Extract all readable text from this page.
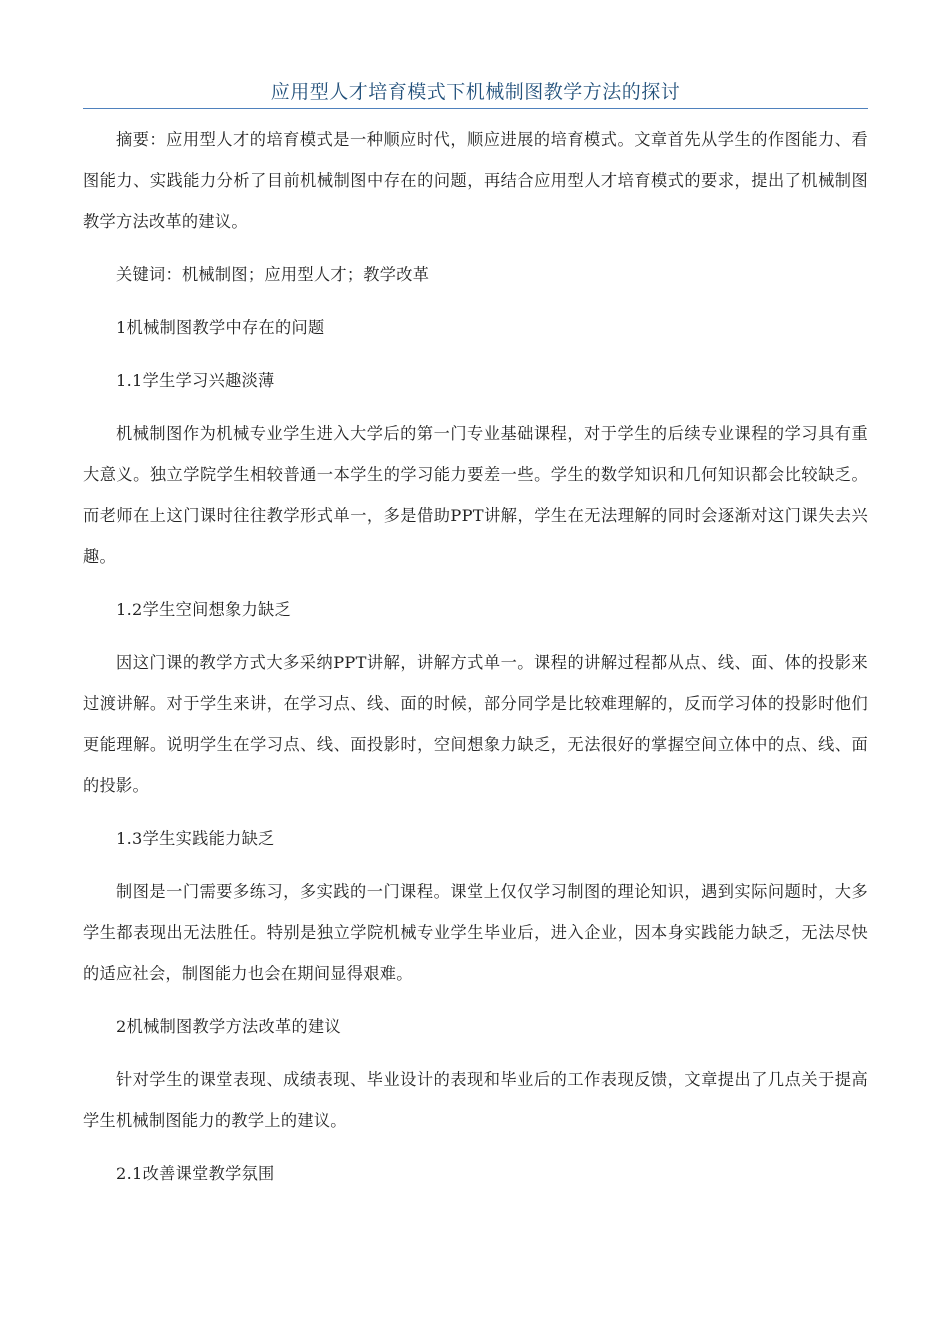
应用型人才培育模式下机械制图教学方法的探讨

摘要：应用型人才的培育模式是一种顺应时代，顺应进展的培育模式。文章首先从学生的作图能力、看图能力、实践能力分析了目前机械制图中存在的问题，再结合应用型人才培育模式的要求，提出了机械制图教学方法改革的建议。

关键词：机械制图；应用型人才；教学改革

1机械制图教学中存在的问题

1.1学生学习兴趣淡薄

机械制图作为机械专业学生进入大学后的第一门专业基础课程，对于学生的后续专业课程的学习具有重大意义。独立学院学生相较普通一本学生的学习能力要差一些。学生的数学知识和几何知识都会比较缺乏。而老师在上这门课时往往教学形式单一，多是借助PPT讲解，学生在无法理解的同时会逐渐对这门课失去兴趣。

1.2学生空间想象力缺乏

因这门课的教学方式大多采纳PPT讲解，讲解方式单一。课程的讲解过程都从点、线、面、体的投影来过渡讲解。对于学生来讲，在学习点、线、面的时候，部分同学是比较难理解的，反而学习体的投影时他们更能理解。说明学生在学习点、线、面投影时，空间想象力缺乏，无法很好的掌握空间立体中的点、线、面的投影。

1.3学生实践能力缺乏

制图是一门需要多练习，多实践的一门课程。课堂上仅仅学习制图的理论知识，遇到实际问题时，大多学生都表现出无法胜任。特别是独立学院机械专业学生毕业后，进入企业，因本身实践能力缺乏，无法尽快的适应社会，制图能力也会在期间显得艰难。

2机械制图教学方法改革的建议

针对学生的课堂表现、成绩表现、毕业设计的表现和毕业后的工作表现反馈，文章提出了几点关于提高学生机械制图能力的教学上的建议。

2.1改善课堂教学氛围
